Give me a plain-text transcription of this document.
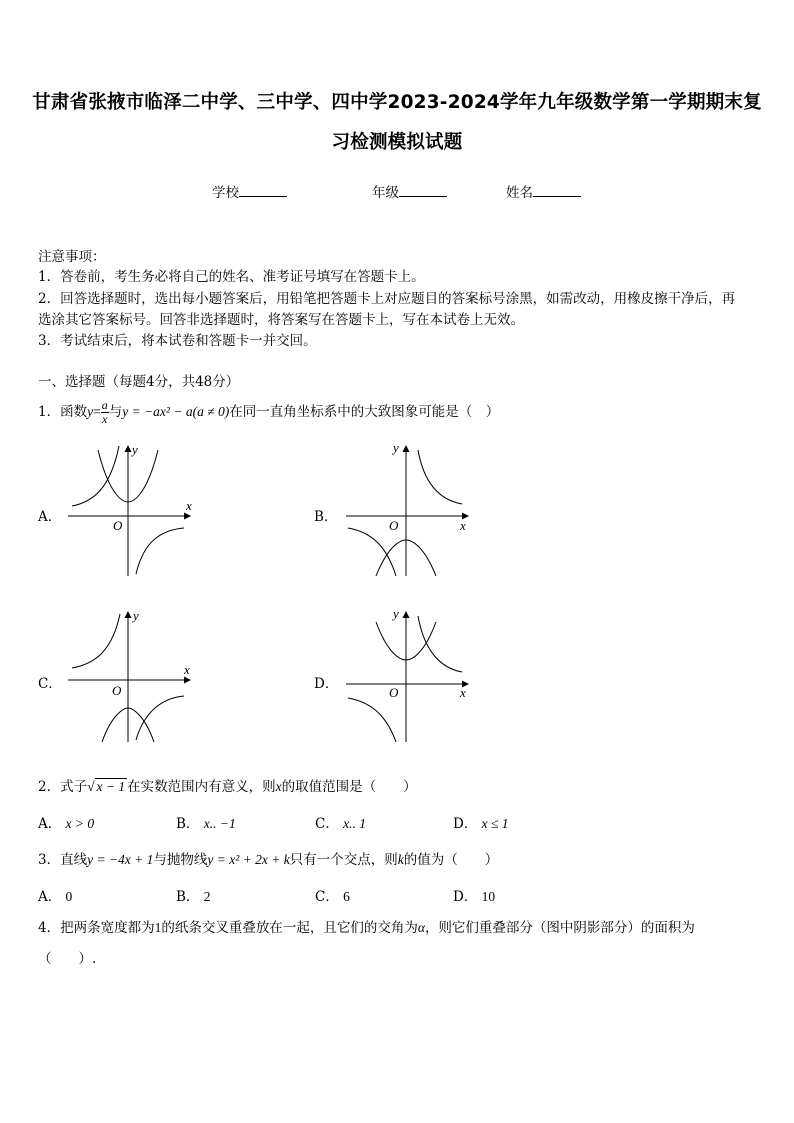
甘肃省张掖市临泽二中学、三中学、四中学2023-2024学年九年级数学第一学期期末复
习检测模拟试题
学校	年级	姓名
注意事项：
1．答卷前，考生务必将自己的姓名、准考证号填写在答题卡上。
2．回答选择题时，选出每小题答案后，用铅笔把答题卡上对应题目的答案标号涂黑，如需改动，用橡皮擦干净后，再
选涂其它答案标号。回答非选择题时，将答案写在答题卡上，写在本试卷上无效。
3．考试结束后，将本试卷和答题卡一并交回。
一、选择题（每题4分，共48分）
1．函数$y= \frac{a}{x}$ 与y = −ax² − a(a ≠ 0)在同一直角坐标系中的大致图象可能是（　）
A．	B．
C．	D．
x
y
O	x
y
O
x
y
O	x
y
O
2．式子√ x − 1 在实数范围内有意义，则x的取值范围是（　　）
A． x > 0	B． x.. −1	C． x.. 1	D． x ≤ 1
3．直线y = −4x + 1与抛物线y = x² + 2x + k只有一个交点，则k的值为（　　）
A． 0	B． 2	C． 6	D． 10
4．把两条宽度都为1的纸条交叉重叠放在一起，且它们的交角为α，则它们重叠部分（图中阴影部分）的面积为
（　　）.
